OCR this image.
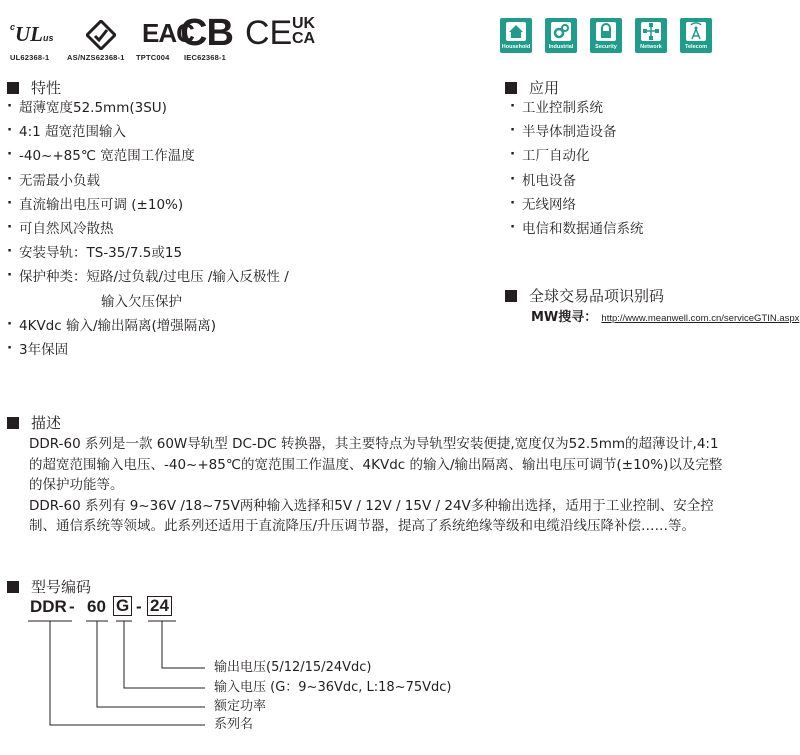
$^c$ULus	EAC
CB CE UK
CA
UL62368-1 AS/NZS62368-1 TPTC004 IEC62368-1
Household	Industrial	Security	Network	Telecom
特性
· 超薄宽度52.5mm(3SU)
· 4:1 超宽范围输入
· -40~+85℃ 宽范围工作温度
· 无需最小负载
· 直流输出电压可调 (±10%)
· 可自然风冷散热
· 安装导轨：TS-35/7.5或15
· 保护种类：短路/过负载/过电压 /输入反极性 /
输入欠压保护
· 4KVdc 输入/输出隔离(增强隔离)
· 3年保固
应用
· 工业控制系统
· 半导体制造设备
· 工厂自动化
· 机电设备
· 无线网络
· 电信和数据通信系统
全球交易品项识别码
MW搜寻： http://www.meanwell.com.cn/serviceGTIN.aspx
描述
DDR-60 系列是一款 60W导轨型 DC-DC 转换器，其主要特点为导轨型安装便捷,宽度仅为52.5mm的超薄设计,4:1
的超宽范围输入电压、-40~+85℃的宽范围工作温度、4KVdc 的输入/输出隔离、输出电压可调节(±10%)以及完整
的保护功能等。
DDR-60 系列有 9~36V /18~75V两种输入选择和5V / 12V / 15V / 24V多种输出选择，适用于工业控制、安全控
制、通信系统等领域。此系列还适用于直流降压/升压调节器，提高了系统绝缘等级和电缆沿线压降补偿……等。
型号编码
DDR - 60 G - 24
输出电压(5/12/15/24Vdc)
输入电压 (G：9~36Vdc, L:18~75Vdc)
额定功率
系列名
